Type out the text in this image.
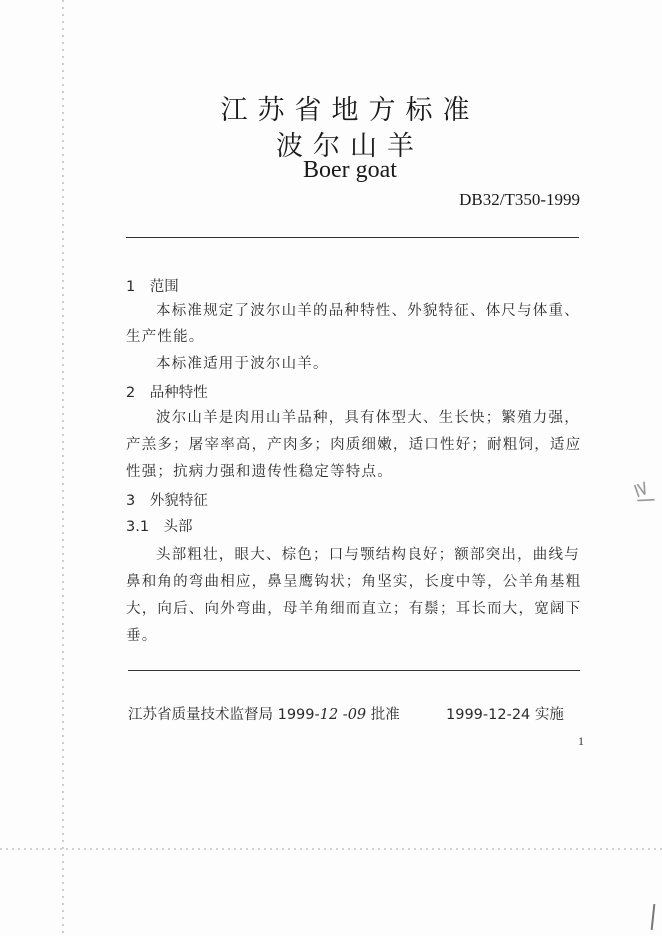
≥/
江苏省地方标准
波尔山羊
Boer goat
DB32/T350-1999
1　范围
本标准规定了波尔山羊的品种特性、外貌特征、体尺与体重、
生产性能。
本标准适用于波尔山羊。
2　品种特性
波尔山羊是肉用山羊品种，具有体型大、生长快；繁殖力强，
产羔多；屠宰率高，产肉多；肉质细嫩，适口性好；耐粗饲，适应
性强；抗病力强和遗传性稳定等特点。
3　外貌特征
3.1　头部
头部粗壮，眼大、棕色；口与颚结构良好；额部突出，曲线与
鼻和角的弯曲相应，鼻呈鹰钩状；角坚实，长度中等，公羊角基粗
大，向后、向外弯曲，母羊角细而直立；有鬃；耳长而大，宽阔下
垂。
江苏省质量技术监督局 1999-12 -09 批准	1999-12-24 实施
1
